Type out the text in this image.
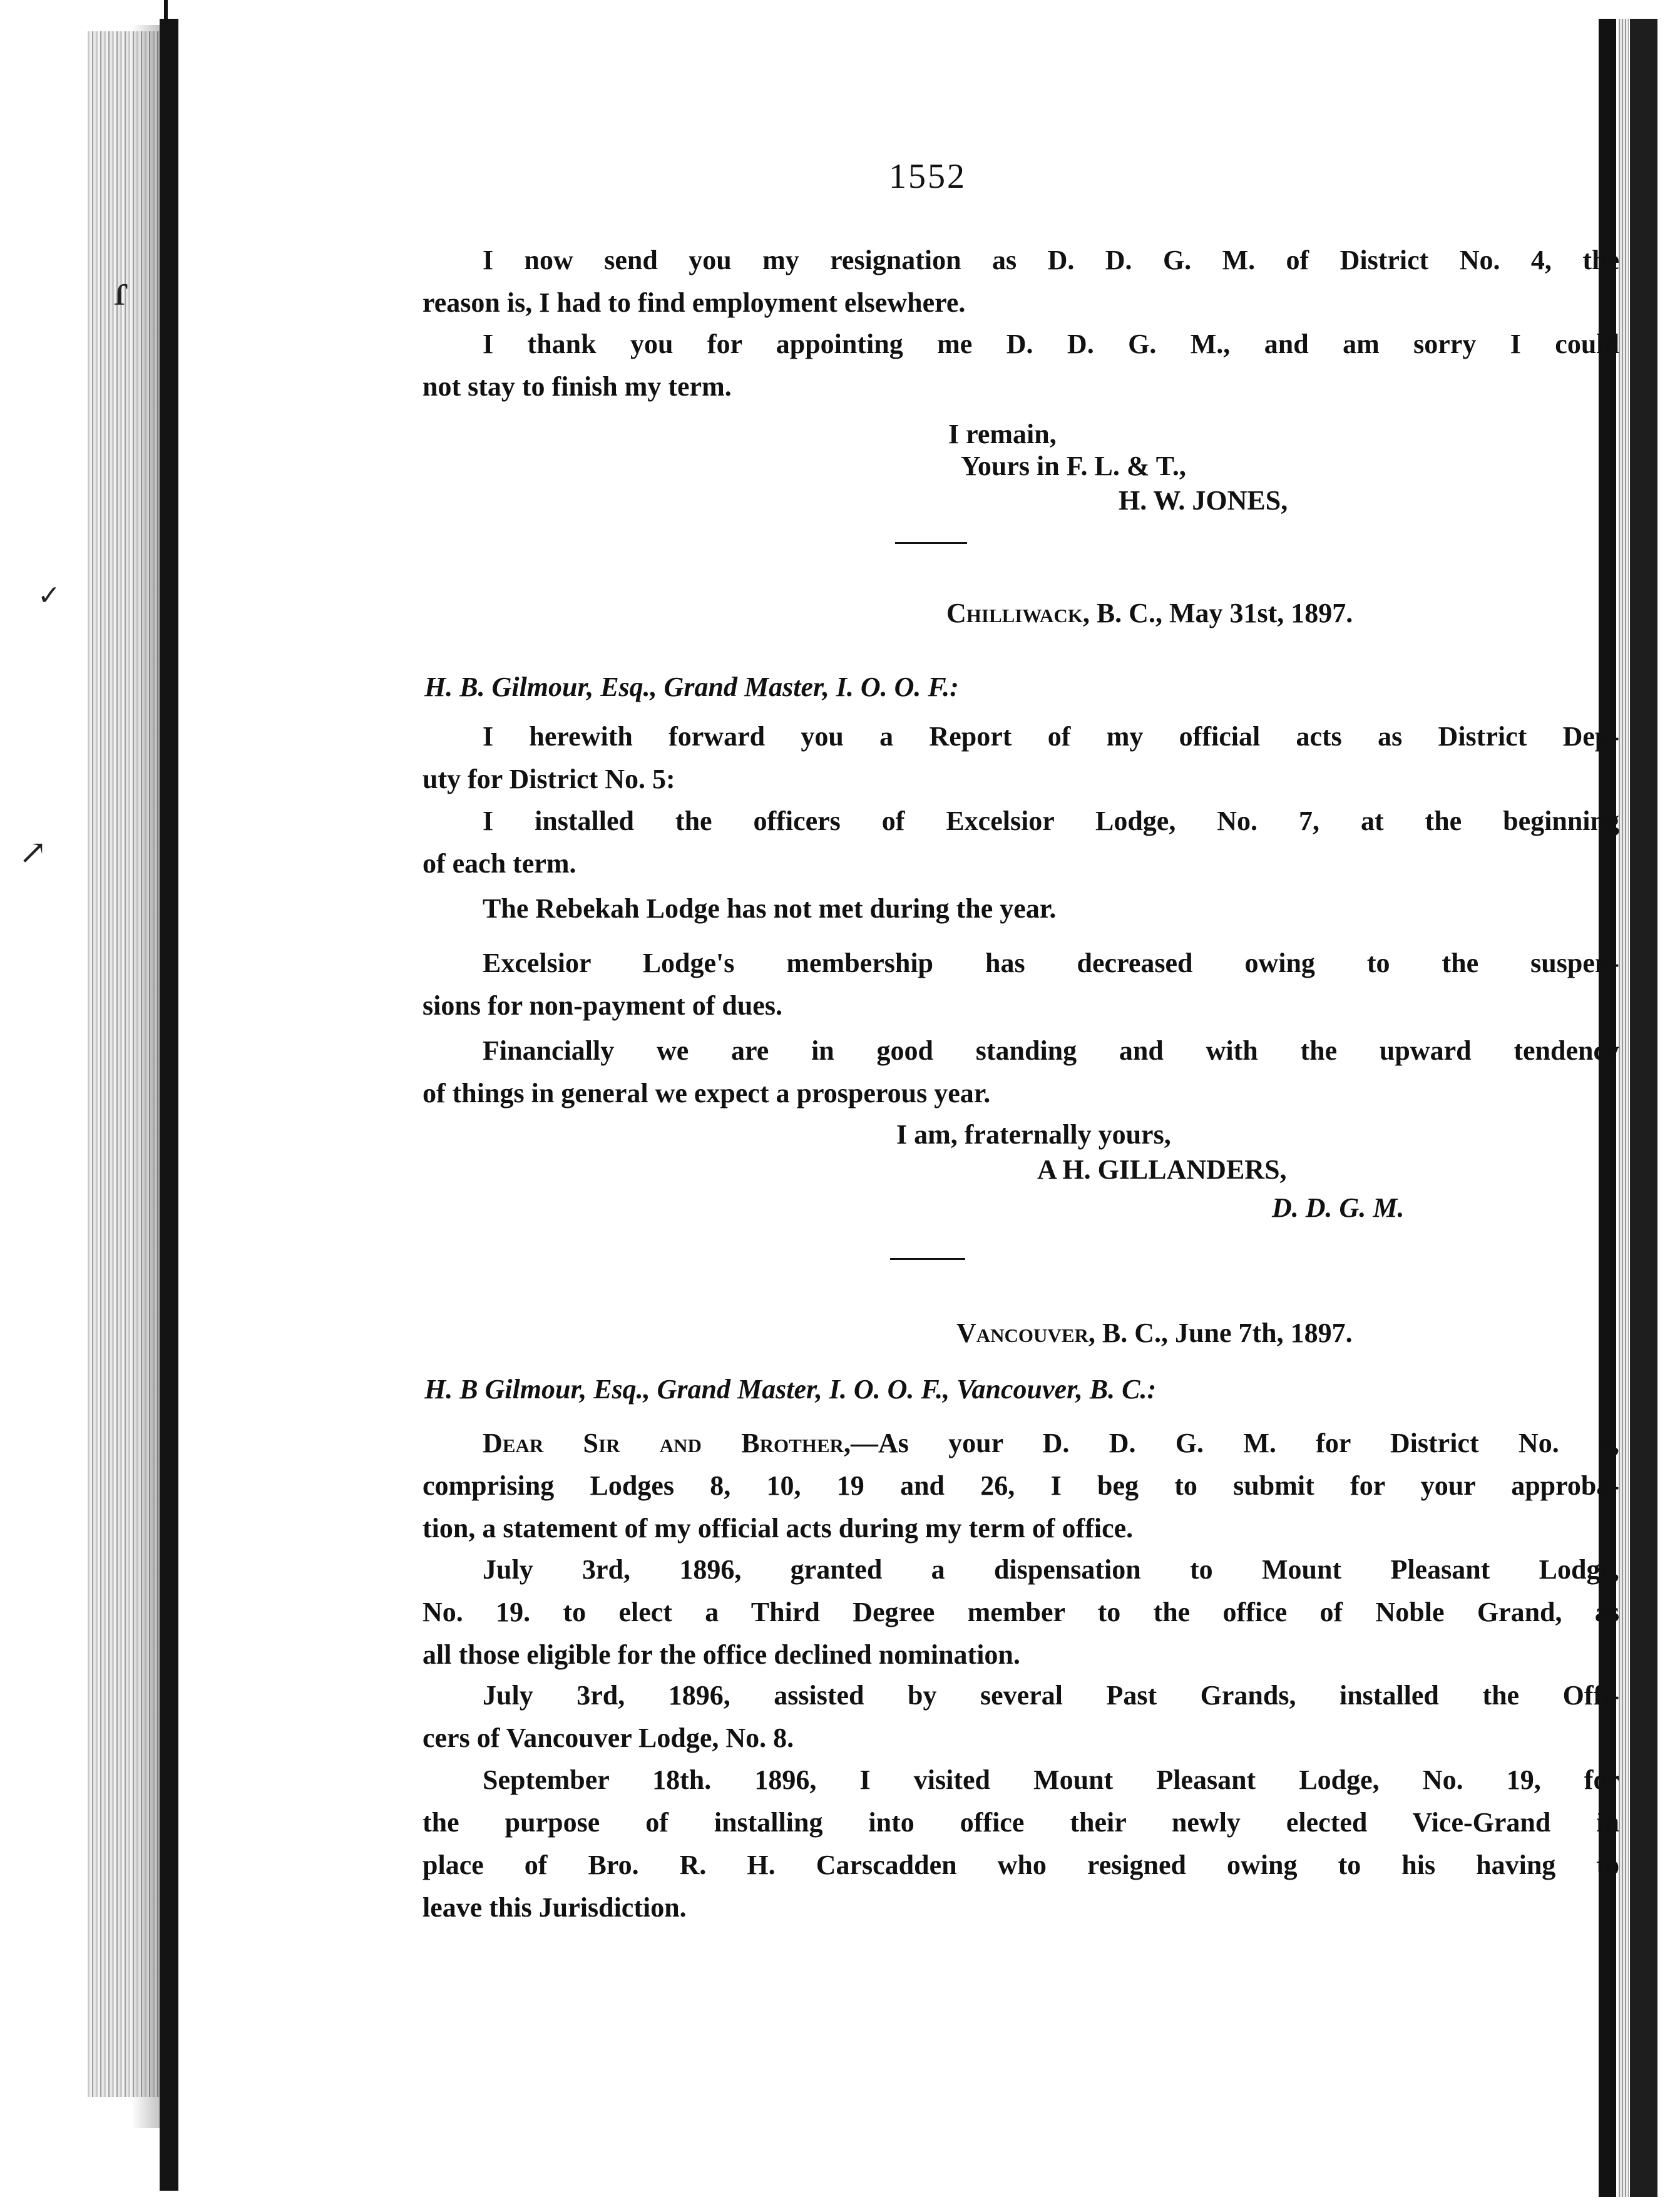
ɾ
✓
↗
1552
I now send you my resignation as D. D. G. M. of District No. 4, the
reason is, I had to find employment elsewhere.
I thank you for appointing me D. D. G. M., and am sorry I could
not stay to finish my term.
I remain,
Yours in F. L. & T.,
H. W. JONES,
Chilliwack, B. C., May 31st, 1897.
H. B. Gilmour, Esq., Grand Master, I. O. O. F.:
I herewith forward you a Report of my official acts as District Dep-
uty for District No. 5:
I installed the officers of Excelsior Lodge, No. 7, at the beginning
of each term.
The Rebekah Lodge has not met during the year.
Excelsior Lodge's membership has decreased owing to the suspen-
sions for non-payment of dues.
Financially we are in good standing and with the upward tendency
of things in general we expect a prosperous year.
I am, fraternally yours,
A H. GILLANDERS,
D. D. G. M.
Vancouver, B. C., June 7th, 1897.
H. B Gilmour, Esq., Grand Master, I. O. O. F., Vancouver, B. C.:
Dear Sir and Brother,—As your D. D. G. M. for District No. 6,
comprising Lodges 8, 10, 19 and 26, I beg to submit for your approba-
tion, a statement of my official acts during my term of office.
July 3rd, 1896, granted a dispensation to Mount Pleasant Lodge,
No. 19. to elect a Third Degree member to the office of Noble Grand, as
all those eligible for the office declined nomination.
July 3rd, 1896, assisted by several Past Grands, installed the Offi-
cers of Vancouver Lodge, No. 8.
September 18th. 1896, I visited Mount Pleasant Lodge, No. 19, for
the purpose of installing into office their newly elected Vice-Grand in
place of Bro. R. H. Carscadden who resigned owing to his having to
leave this Jurisdiction.
